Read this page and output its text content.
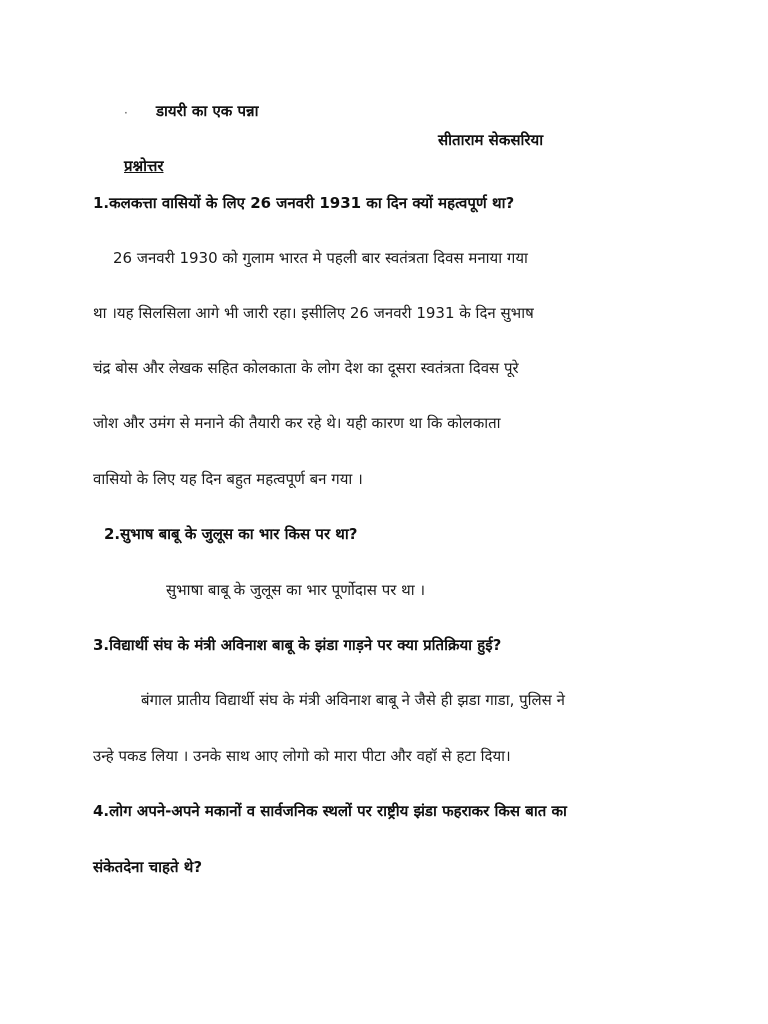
· डायरी का एक पन्ना
सीताराम सेकसरिया
प्रश्नोत्तर
1.कलकत्ता वासियों के लिए 26 जनवरी 1931 का दिन क्यों महत्वपूर्ण था?
26 जनवरी 1930 को गुलाम भारत मे पहली बार स्वतंत्रता दिवस मनाया गया
था ।यह सिलसिला आगे भी जारी रहा। इसीलिए 26 जनवरी 1931 के दिन सुभाष
चंद्र बोस और लेखक सहित कोलकाता के लोग देश का दूसरा स्वतंत्रता दिवस पूरे
जोश और उमंग से मनाने की तैयारी कर रहे थे। यही कारण था कि कोलकाता
वासियो के लिए यह दिन बहुत महत्वपूर्ण बन गया ।
2.सुभाष बाबू के जुलूस का भार किस पर था?
सुभाषा बाबू के जुलूस का भार पूर्णोदास पर था ।
3.विद्यार्थी संघ के मंत्री अविनाश बाबू के झंडा गाड़ने पर क्या प्रतिक्रिया हुई?
बंगाल प्रातीय विद्यार्थी संघ के मंत्री अविनाश बाबू ने जैसे ही झडा गाडा, पुलिस ने
उन्हे पकड लिया । उनके साथ आए लोगो को मारा पीटा और वहॉ से हटा दिया।
4.लोग अपने-अपने मकानों व सार्वजनिक स्थलों पर राष्ट्रीय झंडा फहराकर किस बात का
संकेतदेना चाहते थे?
